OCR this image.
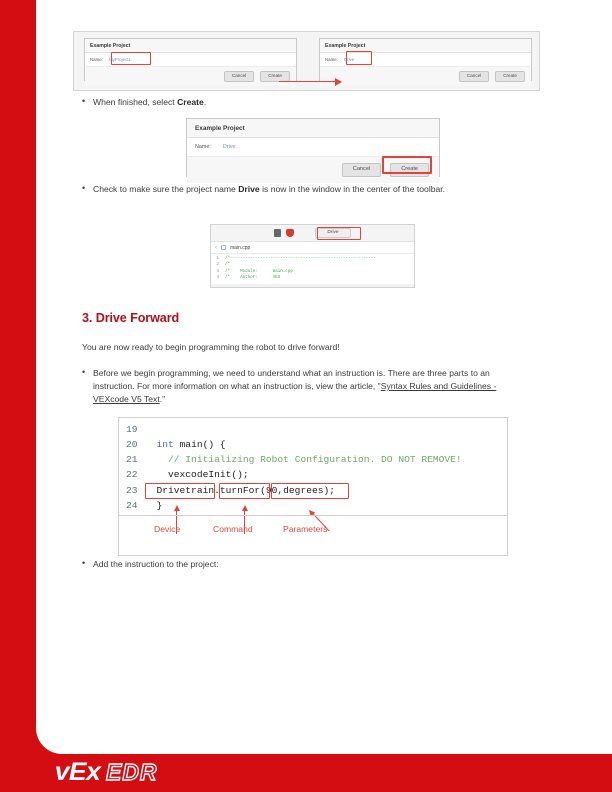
Example Project
Name:	MyProject1
Cancel	Create
Example Project
Name:	Drive
Cancel	Create
• When finished, select Create.
Example Project
Name:	Drive
Cancel	Create
• Check to make sure the project name Drive is now in the window in the center of the toolbar.
Drive
‹	main.cpp
1	/*----------------------------------------------------------
2	/*
3	/*    Module:      main.cpp
4	/*    Author:      VEX
3. Drive Forward
You are now ready to begin programming the robot to drive forward!
• Before we begin programming, we need to understand what an instruction is. There are three parts to an instruction. For more information on what an instruction is, view the article, "Syntax Rules and Guidelines - VEXcode V5 Text."
19
20
	int main() {
21
	// Initializing Robot Configuration. DO NOT REMOVE!
22 vexcodeInit();
23 Drivetrain.turnFor(90,degrees);
24 }
Device	Command	Parameters
• Add the instruction to the project:
vEx EDR
